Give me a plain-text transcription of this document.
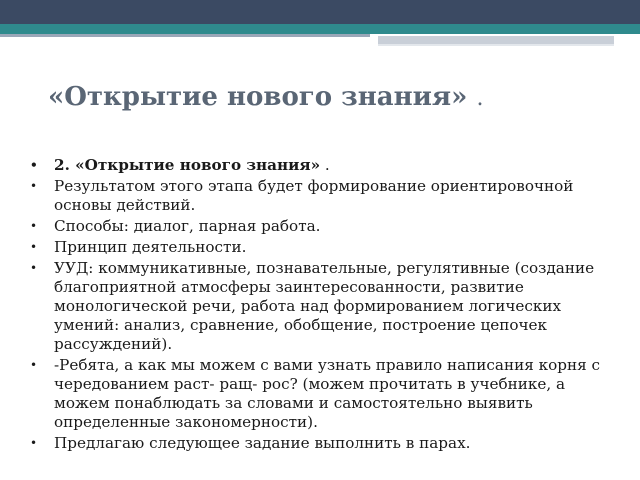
«Открытие нового знания» .
•	2. «Открытие нового знания» .
•	Результатом этого этапа будет формирование ориентировочной основы действий.
•	Способы: диалог, парная работа.
•	Принцип деятельности.
•	УУД: коммуникативные, познавательные, регулятивные (создание благоприятной атмосферы заинтересованности, развитие монологической речи, работа над формированием логических умений: анализ, сравнение, обобщение, построение цепочек рассуждений).
•	-Ребята, а как мы можем с вами узнать правило написания корня с чередованием раст- ращ- рос? (можем прочитать в учебнике, а можем понаблюдать за словами и самостоятельно выявить определенные закономерности).
•	Предлагаю следующее задание выполнить в парах.
